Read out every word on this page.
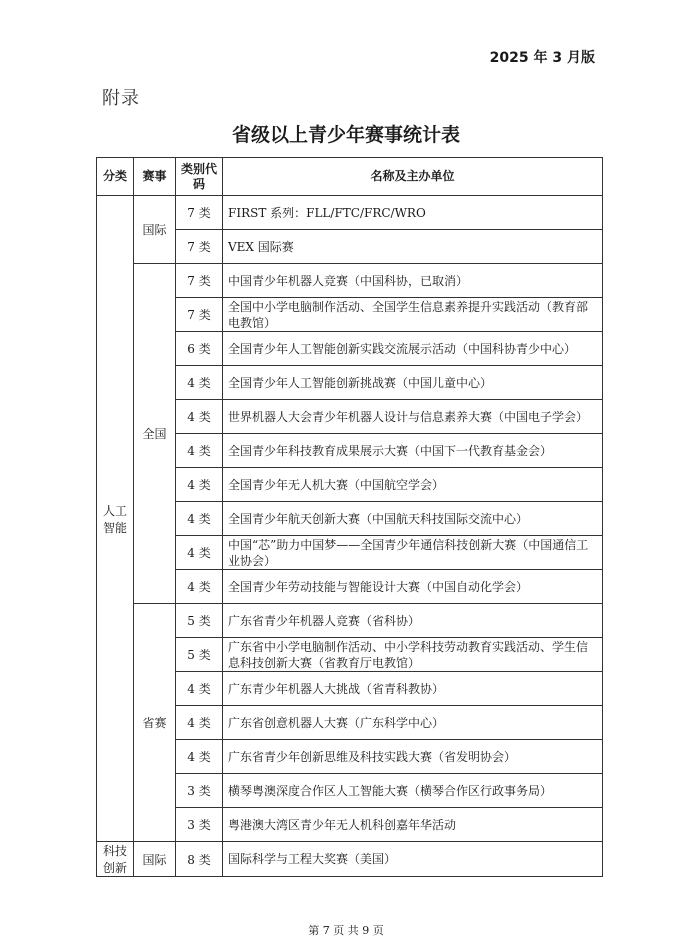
2025 年 3 月版
附录
省级以上青少年赛事统计表
分类	赛事	类别代码	名称及主办单位
人工智能	国际	7 类	FIRST 系列：FLL/FTC/FRC/WRO
		7 类	VEX 国际赛
	全国	7 类	中国青少年机器人竞赛（中国科协，已取消）
		7 类	全国中小学电脑制作活动、全国学生信息素养提升实践活动（教育部电教馆）
		6 类	全国青少年人工智能创新实践交流展示活动（中国科协青少中心）
		4 类	全国青少年人工智能创新挑战赛（中国儿童中心）
		4 类	世界机器人大会青少年机器人设计与信息素养大赛（中国电子学会）
		4 类	全国青少年科技教育成果展示大赛（中国下一代教育基金会）
		4 类	全国青少年无人机大赛（中国航空学会）
		4 类	全国青少年航天创新大赛（中国航天科技国际交流中心）
		4 类	中国“芯”助力中国梦——全国青少年通信科技创新大赛（中国通信工业协会）
		4 类	全国青少年劳动技能与智能设计大赛（中国自动化学会）
	省赛	5 类	广东省青少年机器人竞赛（省科协）
		5 类	广东省中小学电脑制作活动、中小学科技劳动教育实践活动、学生信息科技创新大赛（省教育厅电教馆）
		4 类	广东青少年机器人大挑战（省青科教协）
		4 类	广东省创意机器人大赛（广东科学中心）
		4 类	广东省青少年创新思维及科技实践大赛（省发明协会）
		3 类	横琴粤澳深度合作区人工智能大赛（横琴合作区行政事务局）
		3 类	粤港澳大湾区青少年无人机科创嘉年华活动
科技创新	国际	8 类	国际科学与工程大奖赛（美国）
第 7 页 共 9 页
